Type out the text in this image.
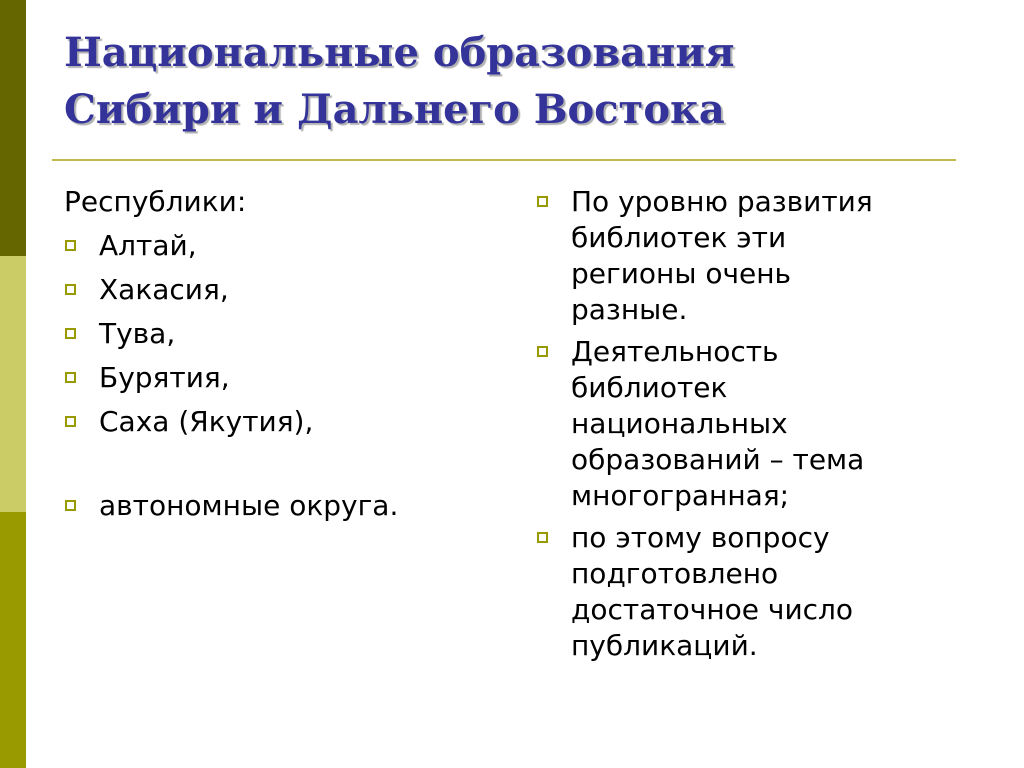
Национальные образования
Сибири и Дальнего Востока

Республики:

Алтай,
Хакасия,
Тува,
Бурятия,
Саха (Якутия),
автономные округа.
По уровню развития
библиотек эти
регионы очень
разные.
Деятельность
библиотек
национальных
образований – тема
многогранная;
по этому вопросу
подготовлено
достаточное число
публикаций.
